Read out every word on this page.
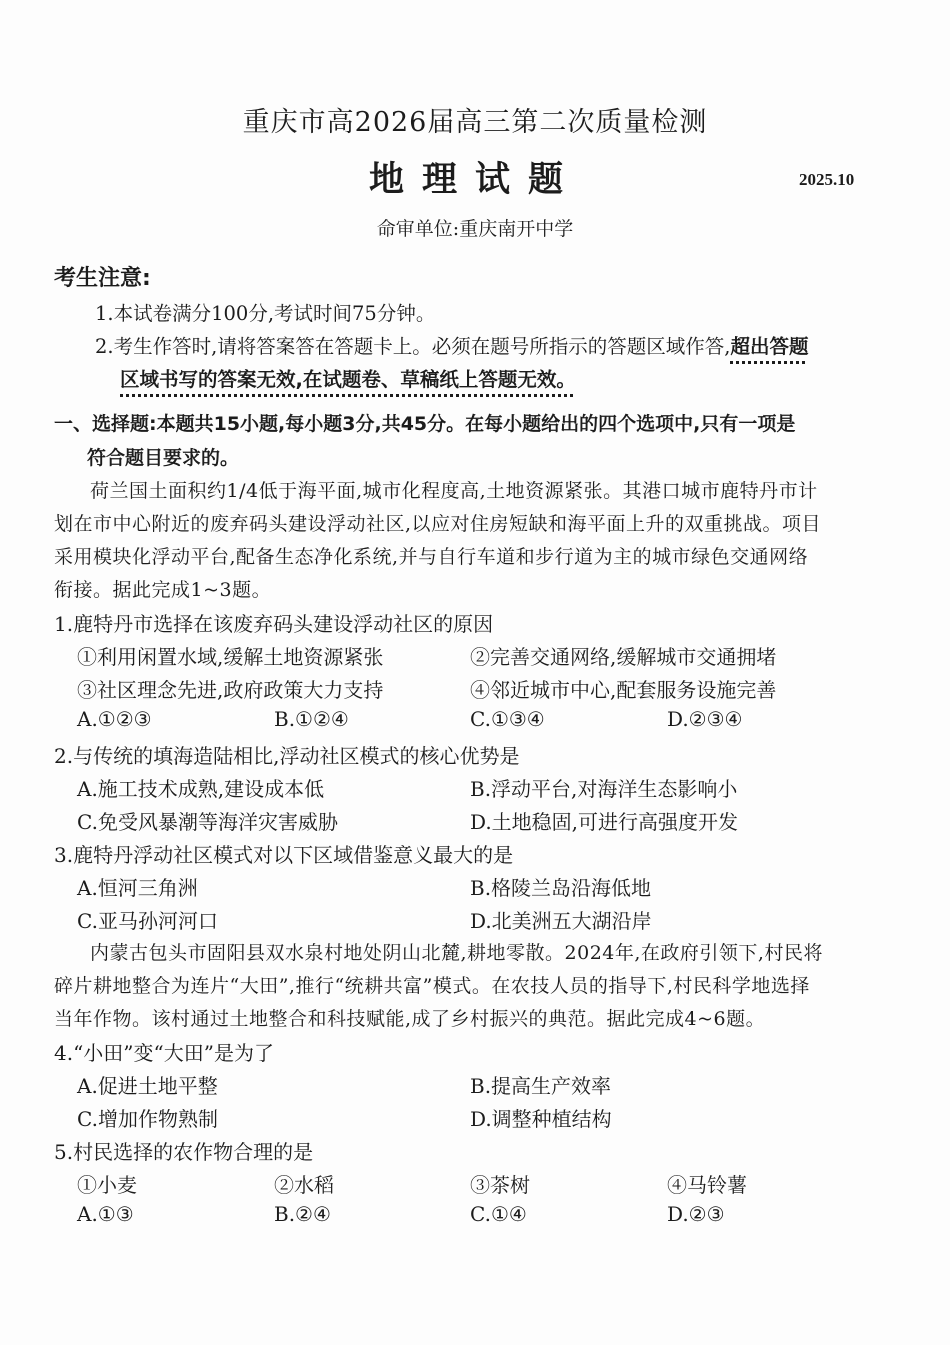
重庆市高2026届高三第二次质量检测
地理试题	2025.10
命审单位:重庆南开中学
考生注意:
1.本试卷满分100分,考试时间75分钟。
2.考生作答时,请将答案答在答题卡上。必须在题号所指示的答题区域作答,超出答题
区域书写的答案无效,在试题卷、草稿纸上答题无效。
一、选择题:本题共15小题,每小题3分,共45分。在每小题给出的四个选项中,只有一项是
符合题目要求的。
荷兰国土面积约1/4低于海平面,城市化程度高,土地资源紧张。其港口城市鹿特丹市计
划在市中心附近的废弃码头建设浮动社区,以应对住房短缺和海平面上升的双重挑战。项目
采用模块化浮动平台,配备生态净化系统,并与自行车道和步行道为主的城市绿色交通网络
衔接。据此完成1~3题。
1.鹿特丹市选择在该废弃码头建设浮动社区的原因
①利用闲置水域,缓解土地资源紧张	②完善交通网络,缓解城市交通拥堵
③社区理念先进,政府政策大力支持	④邻近城市中心,配套服务设施完善
A.①②③	B.①②④	C.①③④	D.②③④
2.与传统的填海造陆相比,浮动社区模式的核心优势是
A.施工技术成熟,建设成本低	B.浮动平台,对海洋生态影响小
C.免受风暴潮等海洋灾害威胁	D.土地稳固,可进行高强度开发
3.鹿特丹浮动社区模式对以下区域借鉴意义最大的是
A.恒河三角洲	B.格陵兰岛沿海低地
C.亚马孙河河口	D.北美洲五大湖沿岸
内蒙古包头市固阳县双水泉村地处阴山北麓,耕地零散。2024年,在政府引领下,村民将
碎片耕地整合为连片“大田”,推行“统耕共富”模式。在农技人员的指导下,村民科学地选择
当年作物。该村通过土地整合和科技赋能,成了乡村振兴的典范。据此完成4~6题。
4.“小田”变“大田”是为了
A.促进土地平整	B.提高生产效率
C.增加作物熟制	D.调整种植结构
5.村民选择的农作物合理的是
①小麦	②水稻	③茶树	④马铃薯
A.①③	B.②④	C.①④	D.②③
